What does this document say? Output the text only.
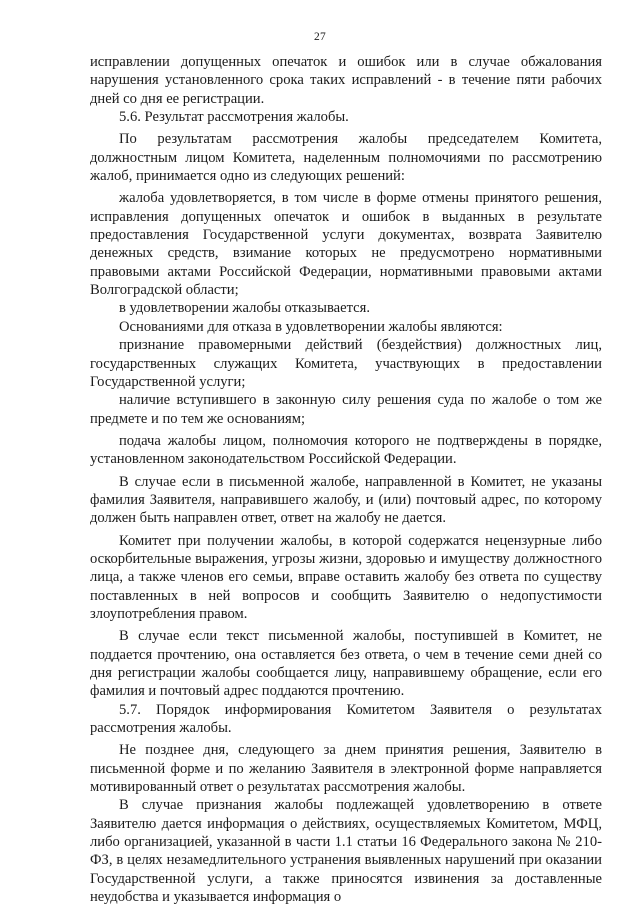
27

исправлении допущенных опечаток и ошибок или в случае обжалования нарушения установленного срока таких исправлений - в течение пяти рабочих дней со дня ее регистрации.

5.6. Результат рассмотрения жалобы.

По результатам рассмотрения жалобы председателем Комитета, должностным лицом Комитета, наделенным полномочиями по рассмотрению жалоб, принимается одно из следующих решений:

жалоба удовлетворяется, в том числе в форме отмены принятого решения, исправления допущенных опечаток и ошибок в выданных в результате предоставления Государственной услуги документах, возврата Заявителю денежных средств, взимание которых не предусмотрено нормативными правовыми актами Российской Федерации, нормативными правовыми актами Волгоградской области;

в удовлетворении жалобы отказывается.

Основаниями для отказа в удовлетворении жалобы являются:

признание правомерными действий (бездействия) должностных лиц, государственных служащих Комитета, участвующих в предоставлении Государственной услуги;

наличие вступившего в законную силу решения суда по жалобе о том же предмете и по тем же основаниям;

подача жалобы лицом, полномочия которого не подтверждены в порядке, установленном законодательством Российской Федерации.

В случае если в письменной жалобе, направленной в Комитет, не указаны фамилия Заявителя, направившего жалобу, и (или) почтовый адрес, по которому должен быть направлен ответ, ответ на жалобу не дается.

Комитет при получении жалобы, в которой содержатся нецензурные либо оскорбительные выражения, угрозы жизни, здоровью и имуществу должностного лица, а также членов его семьи, вправе оставить жалобу без ответа по существу поставленных в ней вопросов и сообщить Заявителю о недопустимости злоупотребления правом.

В случае если текст письменной жалобы, поступившей в Комитет, не поддается прочтению, она оставляется без ответа, о чем в течение семи дней со дня регистрации жалобы сообщается лицу, направившему обращение, если его фамилия и почтовый адрес поддаются прочтению.

5.7. Порядок информирования Комитетом Заявителя о результатах рассмотрения жалобы.

Не позднее дня, следующего за днем принятия решения, Заявителю в письменной форме и по желанию Заявителя в электронной форме направляется мотивированный ответ о результатах рассмотрения жалобы.

В случае признания жалобы подлежащей удовлетворению в ответе Заявителю дается информация о действиях, осуществляемых Комитетом, МФЦ, либо организацией, указанной в части 1.1 статьи 16 Федерального закона № 210-ФЗ, в целях незамедлительного устранения выявленных нарушений при оказании Государственной услуги, а также приносятся извинения за доставленные неудобства и указывается информация о
